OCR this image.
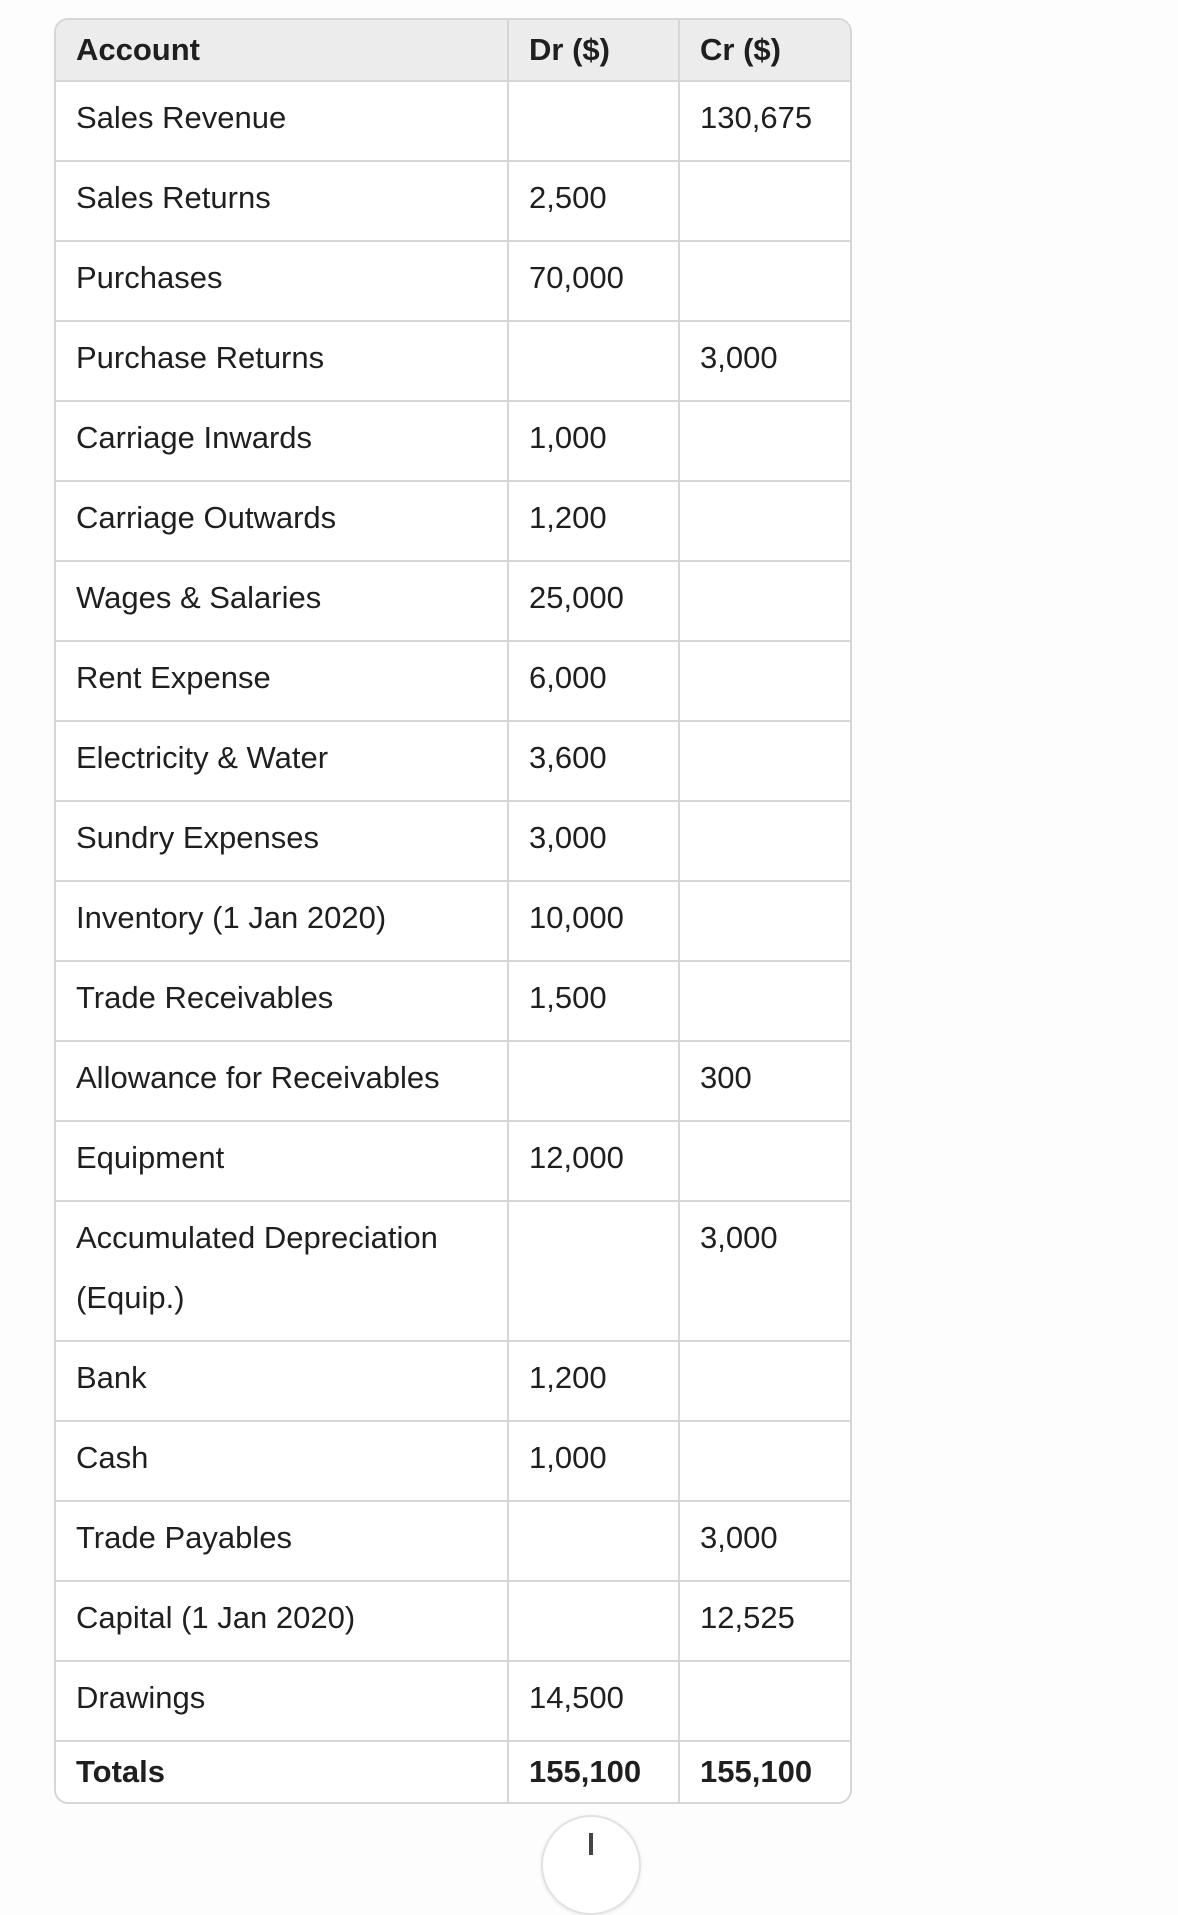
Account	Dr ($)	Cr ($)
Sales Revenue		130,675
Sales Returns	2,500	
Purchases	70,000	
Purchase Returns		3,000
Carriage Inwards	1,000	
Carriage Outwards	1,200	
Wages & Salaries	25,000	
Rent Expense	6,000	
Electricity & Water	3,600	
Sundry Expenses	3,000	
Inventory (1 Jan 2020)	10,000	
Trade Receivables	1,500	
Allowance for Receivables		300
Equipment	12,000	
Accumulated Depreciation (Equip.)		3,000
Bank	1,200	
Cash	1,000	
Trade Payables		3,000
Capital (1 Jan 2020)		12,525
Drawings	14,500	
Totals	155,100	155,100
